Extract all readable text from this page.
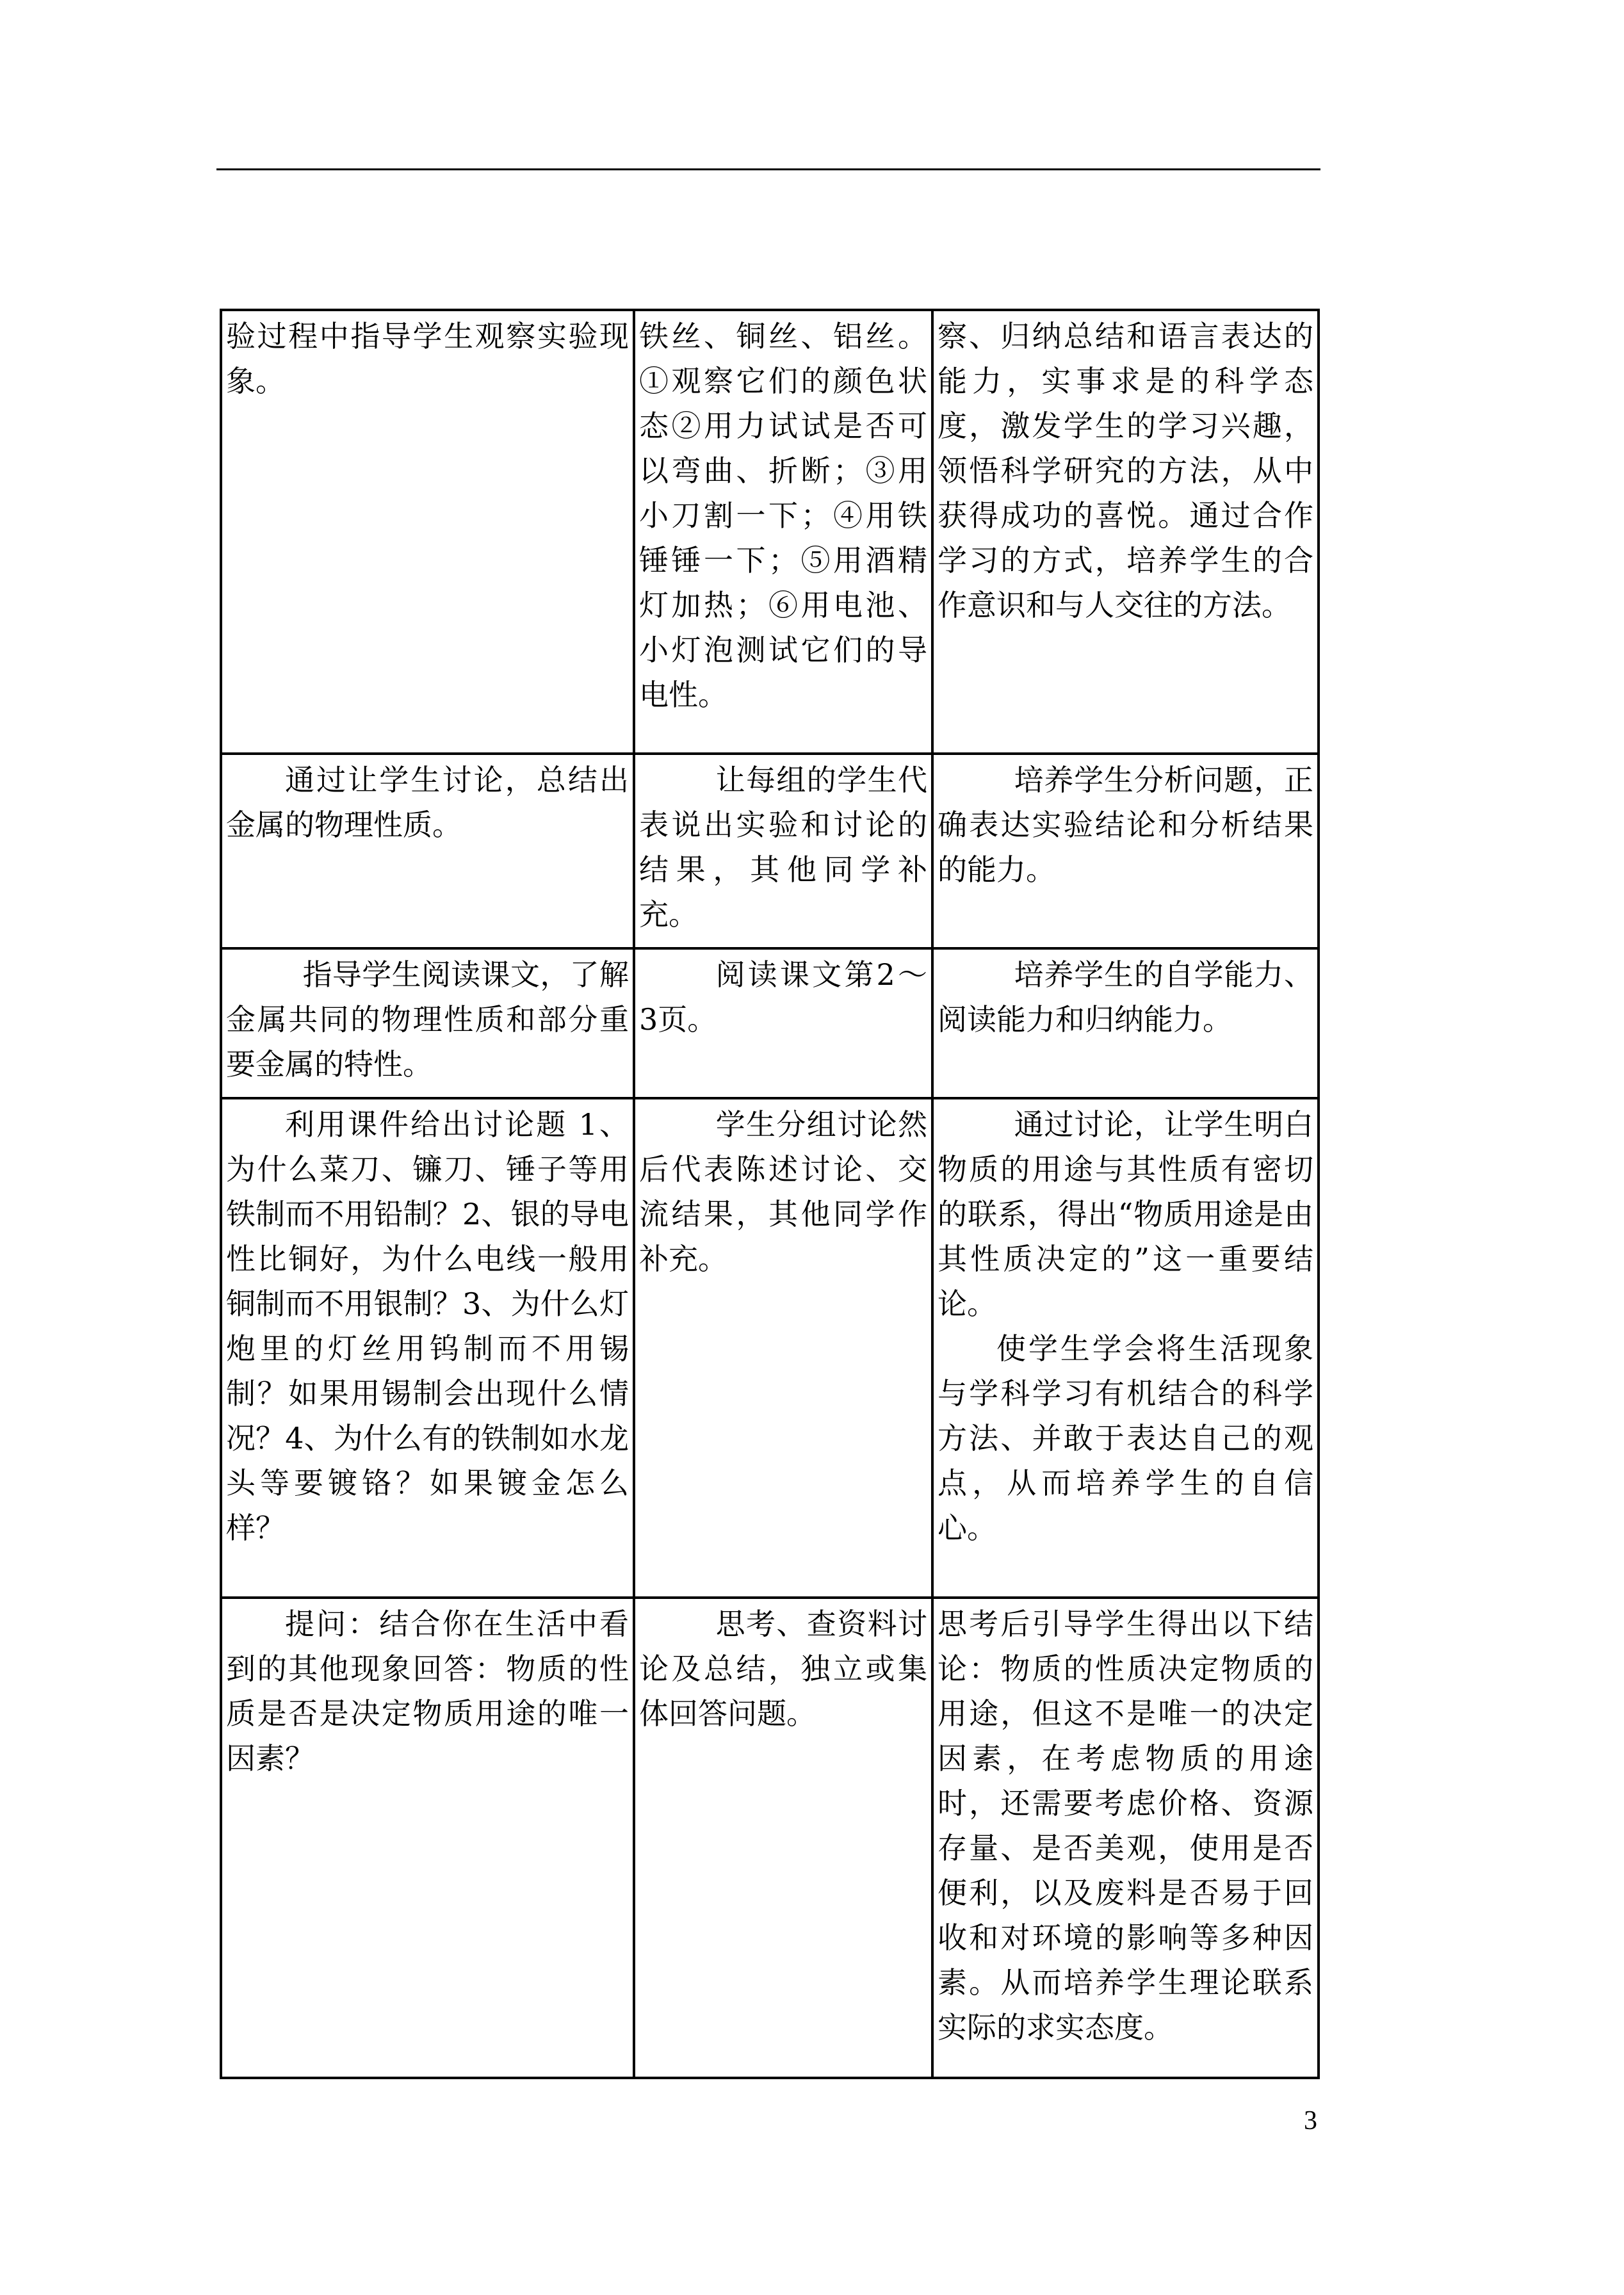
验过程中指导学生观察实验现象。	铁丝、铜丝、铝丝。①观察它们的颜色状态②用力试试是否可以弯曲、折断；③用小刀割一下；④用铁锤锤一下；⑤用酒精灯加热；⑥用电池、小灯泡测试它们的导电性。	察、归纳总结和语言表达的能力，实事求是的科学态度，激发学生的学习兴趣，领悟科学研究的方法，从中获得成功的喜悦。通过合作学习的方式，培养学生的合作意识和与人交往的方法。

通过让学生讨论，总结出金属的物理性质。	让每组的学生代表说出实验和讨论的结果，其他同学补充。	培养学生分析问题，正确表达实验结论和分析结果的能力。

指导学生阅读课文，了解金属共同的物理性质和部分重要金属的特性。	阅读课文第2～3页。	培养学生的自学能力、阅读能力和归纳能力。

利用课件给出讨论题 1、为什么菜刀、镰刀、锤子等用铁制而不用铅制？2、银的导电性比铜好，为什么电线一般用铜制而不用银制？3、为什么灯炮里的灯丝用钨制而不用锡制？如果用锡制会出现什么情况？4、为什么有的铁制如水龙头等要镀铬？如果镀金怎么样？	学生分组讨论然后代表陈述讨论、交流结果，其他同学作补充。	通过讨论，让学生明白物质的用途与其性质有密切的联系，得出“物质用途是由其性质决定的”这一重要结论。
使学生学会将生活现象与学科学习有机结合的科学方法、并敢于表达自己的观点，从而培养学生的自信心。

提问：结合你在生活中看到的其他现象回答：物质的性质是否是决定物质用途的唯一因素？	思考、查资料讨论及总结，独立或集体回答问题。	思考后引导学生得出以下结论：物质的性质决定物质的用途，但这不是唯一的决定因素，在考虑物质的用途时，还需要考虑价格、资源存量、是否美观，使用是否便利，以及废料是否易于回收和对环境的影响等多种因素。从而培养学生理论联系实际的求实态度。
3
